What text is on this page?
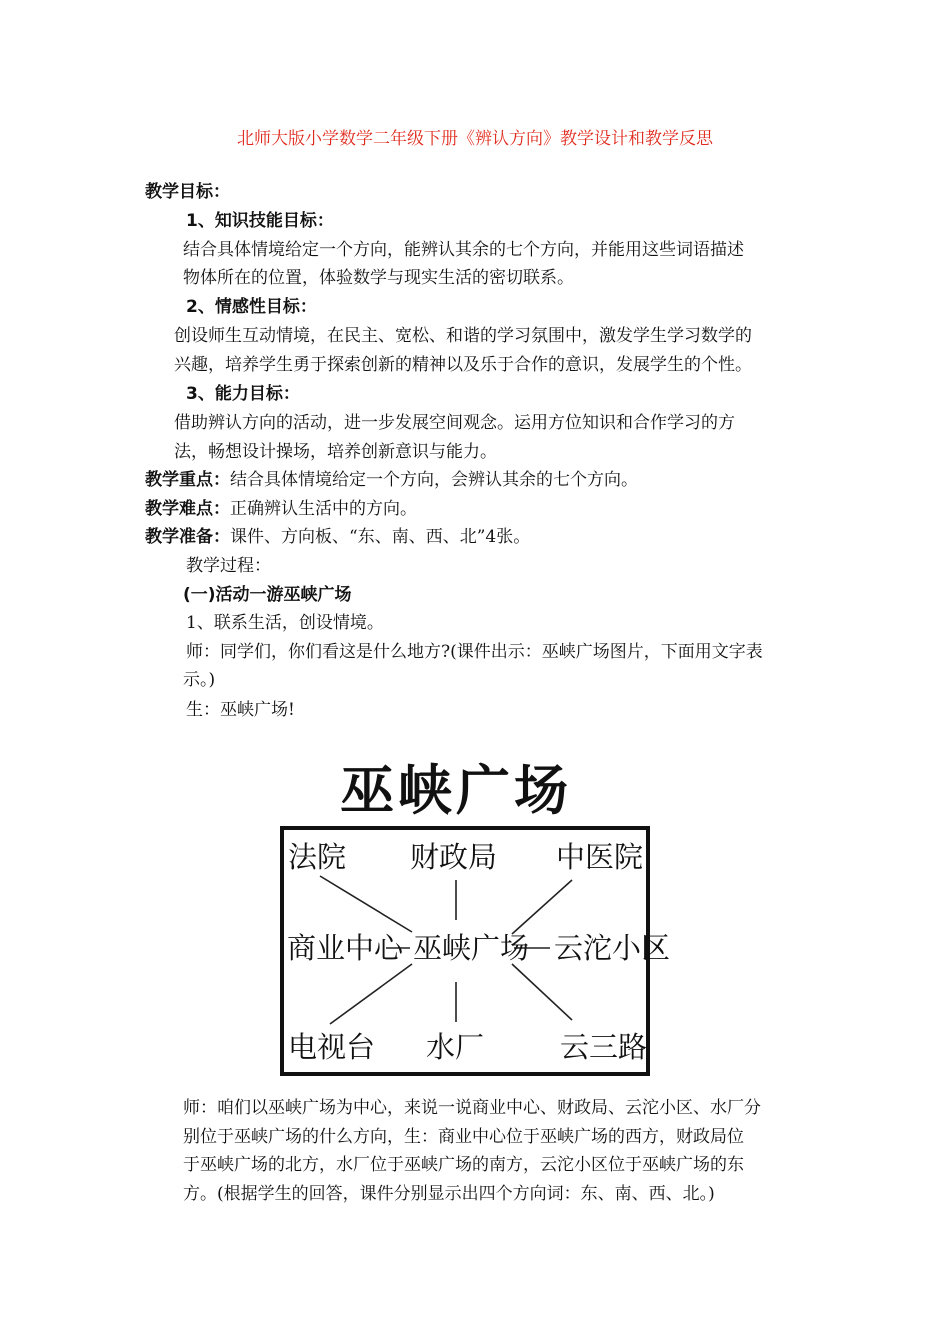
北师大版小学数学二年级下册《辨认方向》教学设计和教学反思
教学目标：
1、知识技能目标：
结合具体情境给定一个方向，能辨认其余的七个方向，并能用这些词语描述
物体所在的位置，体验数学与现实生活的密切联系。
2、情感性目标：
创设师生互动情境，在民主、宽松、和谐的学习氛围中，激发学生学习数学的
兴趣，培养学生勇于探索创新的精神以及乐于合作的意识，发展学生的个性。
3、能力目标：
借助辨认方向的活动，进一步发展空间观念。运用方位知识和合作学习的方
法，畅想设计操场，培养创新意识与能力。
教学重点：结合具体情境给定一个方向，会辨认其余的七个方向。
教学难点：正确辨认生活中的方向。
教学准备：课件、方向板、“东、南、西、北”4张。
教学过程：
(一)活动一游巫峡广场
1、联系生活，创设情境。
师：同学们，你们看这是什么地方?(课件出示：巫峡广场图片，下面用文字表
示。)
生：巫峡广场!
巫峡广场
法院 财政局 中医院
商业中心 巫峡广场 云沱小区
电视台 水厂	云三路
师：咱们以巫峡广场为中心，来说一说商业中心、财政局、云沱小区、水厂分
别位于巫峡广场的什么方向，生：商业中心位于巫峡广场的西方，财政局位
于巫峡广场的北方，水厂位于巫峡广场的南方，云沱小区位于巫峡广场的东
方。(根据学生的回答，课件分别显示出四个方向词：东、南、西、北。)
